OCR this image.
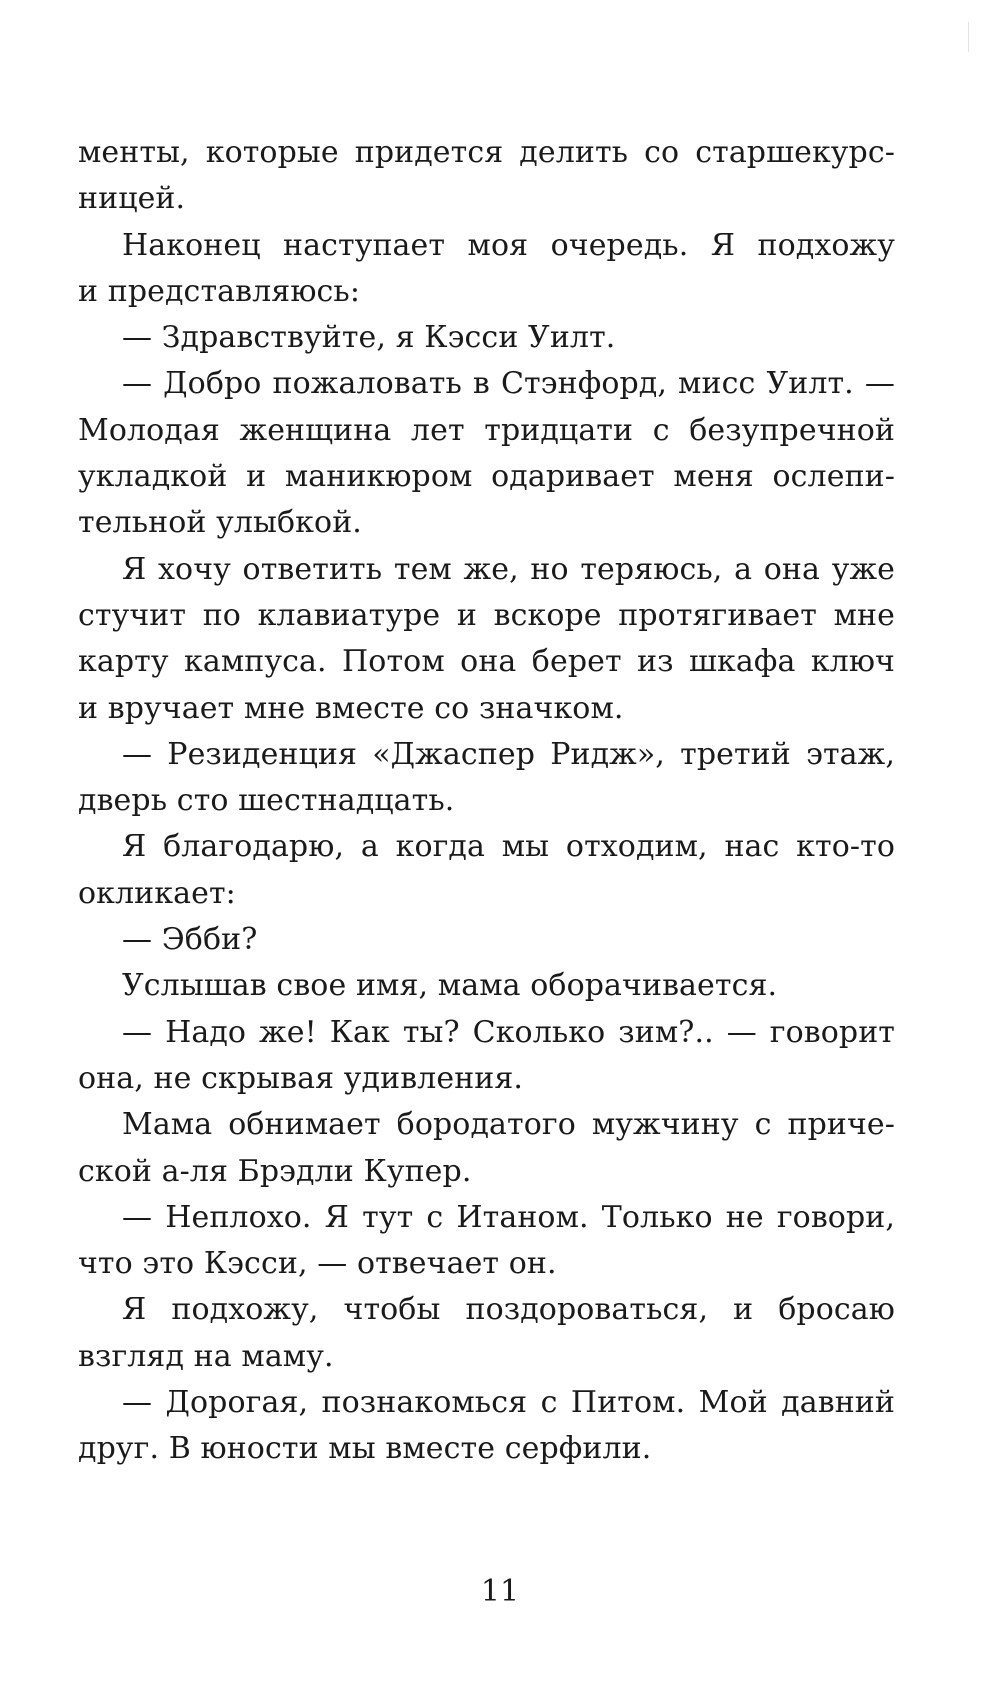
менты, которые придется делить со старшекурс-
ницей.
Наконец наступает моя очередь. Я подхожу
и представляюсь:
— Здравствуйте, я Кэсси Уилт.
— Добро пожаловать в Стэнфорд, мисс Уилт. —
Молодая женщина лет тридцати с безупречной
укладкой и маникюром одаривает меня ослепи-
тельной улыбкой.
Я хочу ответить тем же, но теряюсь, а она уже
стучит по клавиатуре и вскоре протягивает мне
карту кампуса. Потом она берет из шкафа ключ
и вручает мне вместе со значком.
— Резиденция «Джаспер Ридж», третий этаж,
дверь сто шестнадцать.
Я благодарю, а когда мы отходим, нас кто-то
окликает:
— Эбби?
Услышав свое имя, мама оборачивается.
— Надо же! Как ты? Сколько зим?.. — говорит
она, не скрывая удивления.
Мама обнимает бородатого мужчину с приче-
ской а-ля Брэдли Купер.
— Неплохо. Я тут с Итаном. Только не говори,
что это Кэсси, — отвечает он.
Я подхожу, чтобы поздороваться, и бросаю
взгляд на маму.
— Дорогая, познакомься с Питом. Мой давний
друг. В юности мы вместе серфили.
11
